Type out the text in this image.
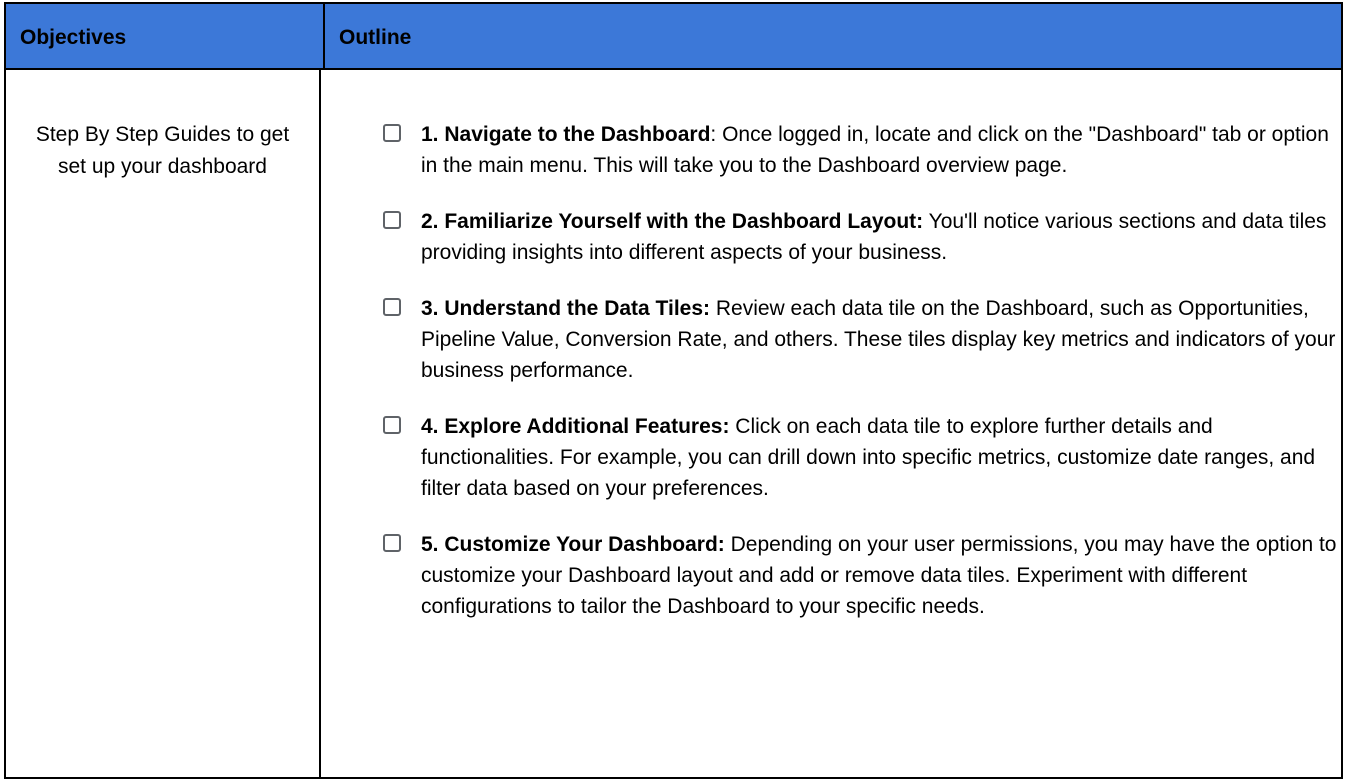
Objectives	Outline
Step By Step Guides to get set up your dashboard
1. Navigate to the Dashboard: Once logged in, locate and click on the "Dashboard" tab or option in the main menu. This will take you to the Dashboard overview page.
2. Familiarize Yourself with the Dashboard Layout: You'll notice various sections and data tiles providing insights into different aspects of your business.
3. Understand the Data Tiles: Review each data tile on the Dashboard, such as Opportunities, Pipeline Value, Conversion Rate, and others. These tiles display key metrics and indicators of your business performance.
4. Explore Additional Features: Click on each data tile to explore further details and functionalities. For example, you can drill down into specific metrics, customize date ranges, and filter data based on your preferences.
5. Customize Your Dashboard: Depending on your user permissions, you may have the option to customize your Dashboard layout and add or remove data tiles. Experiment with different configurations to tailor the Dashboard to your specific needs.
